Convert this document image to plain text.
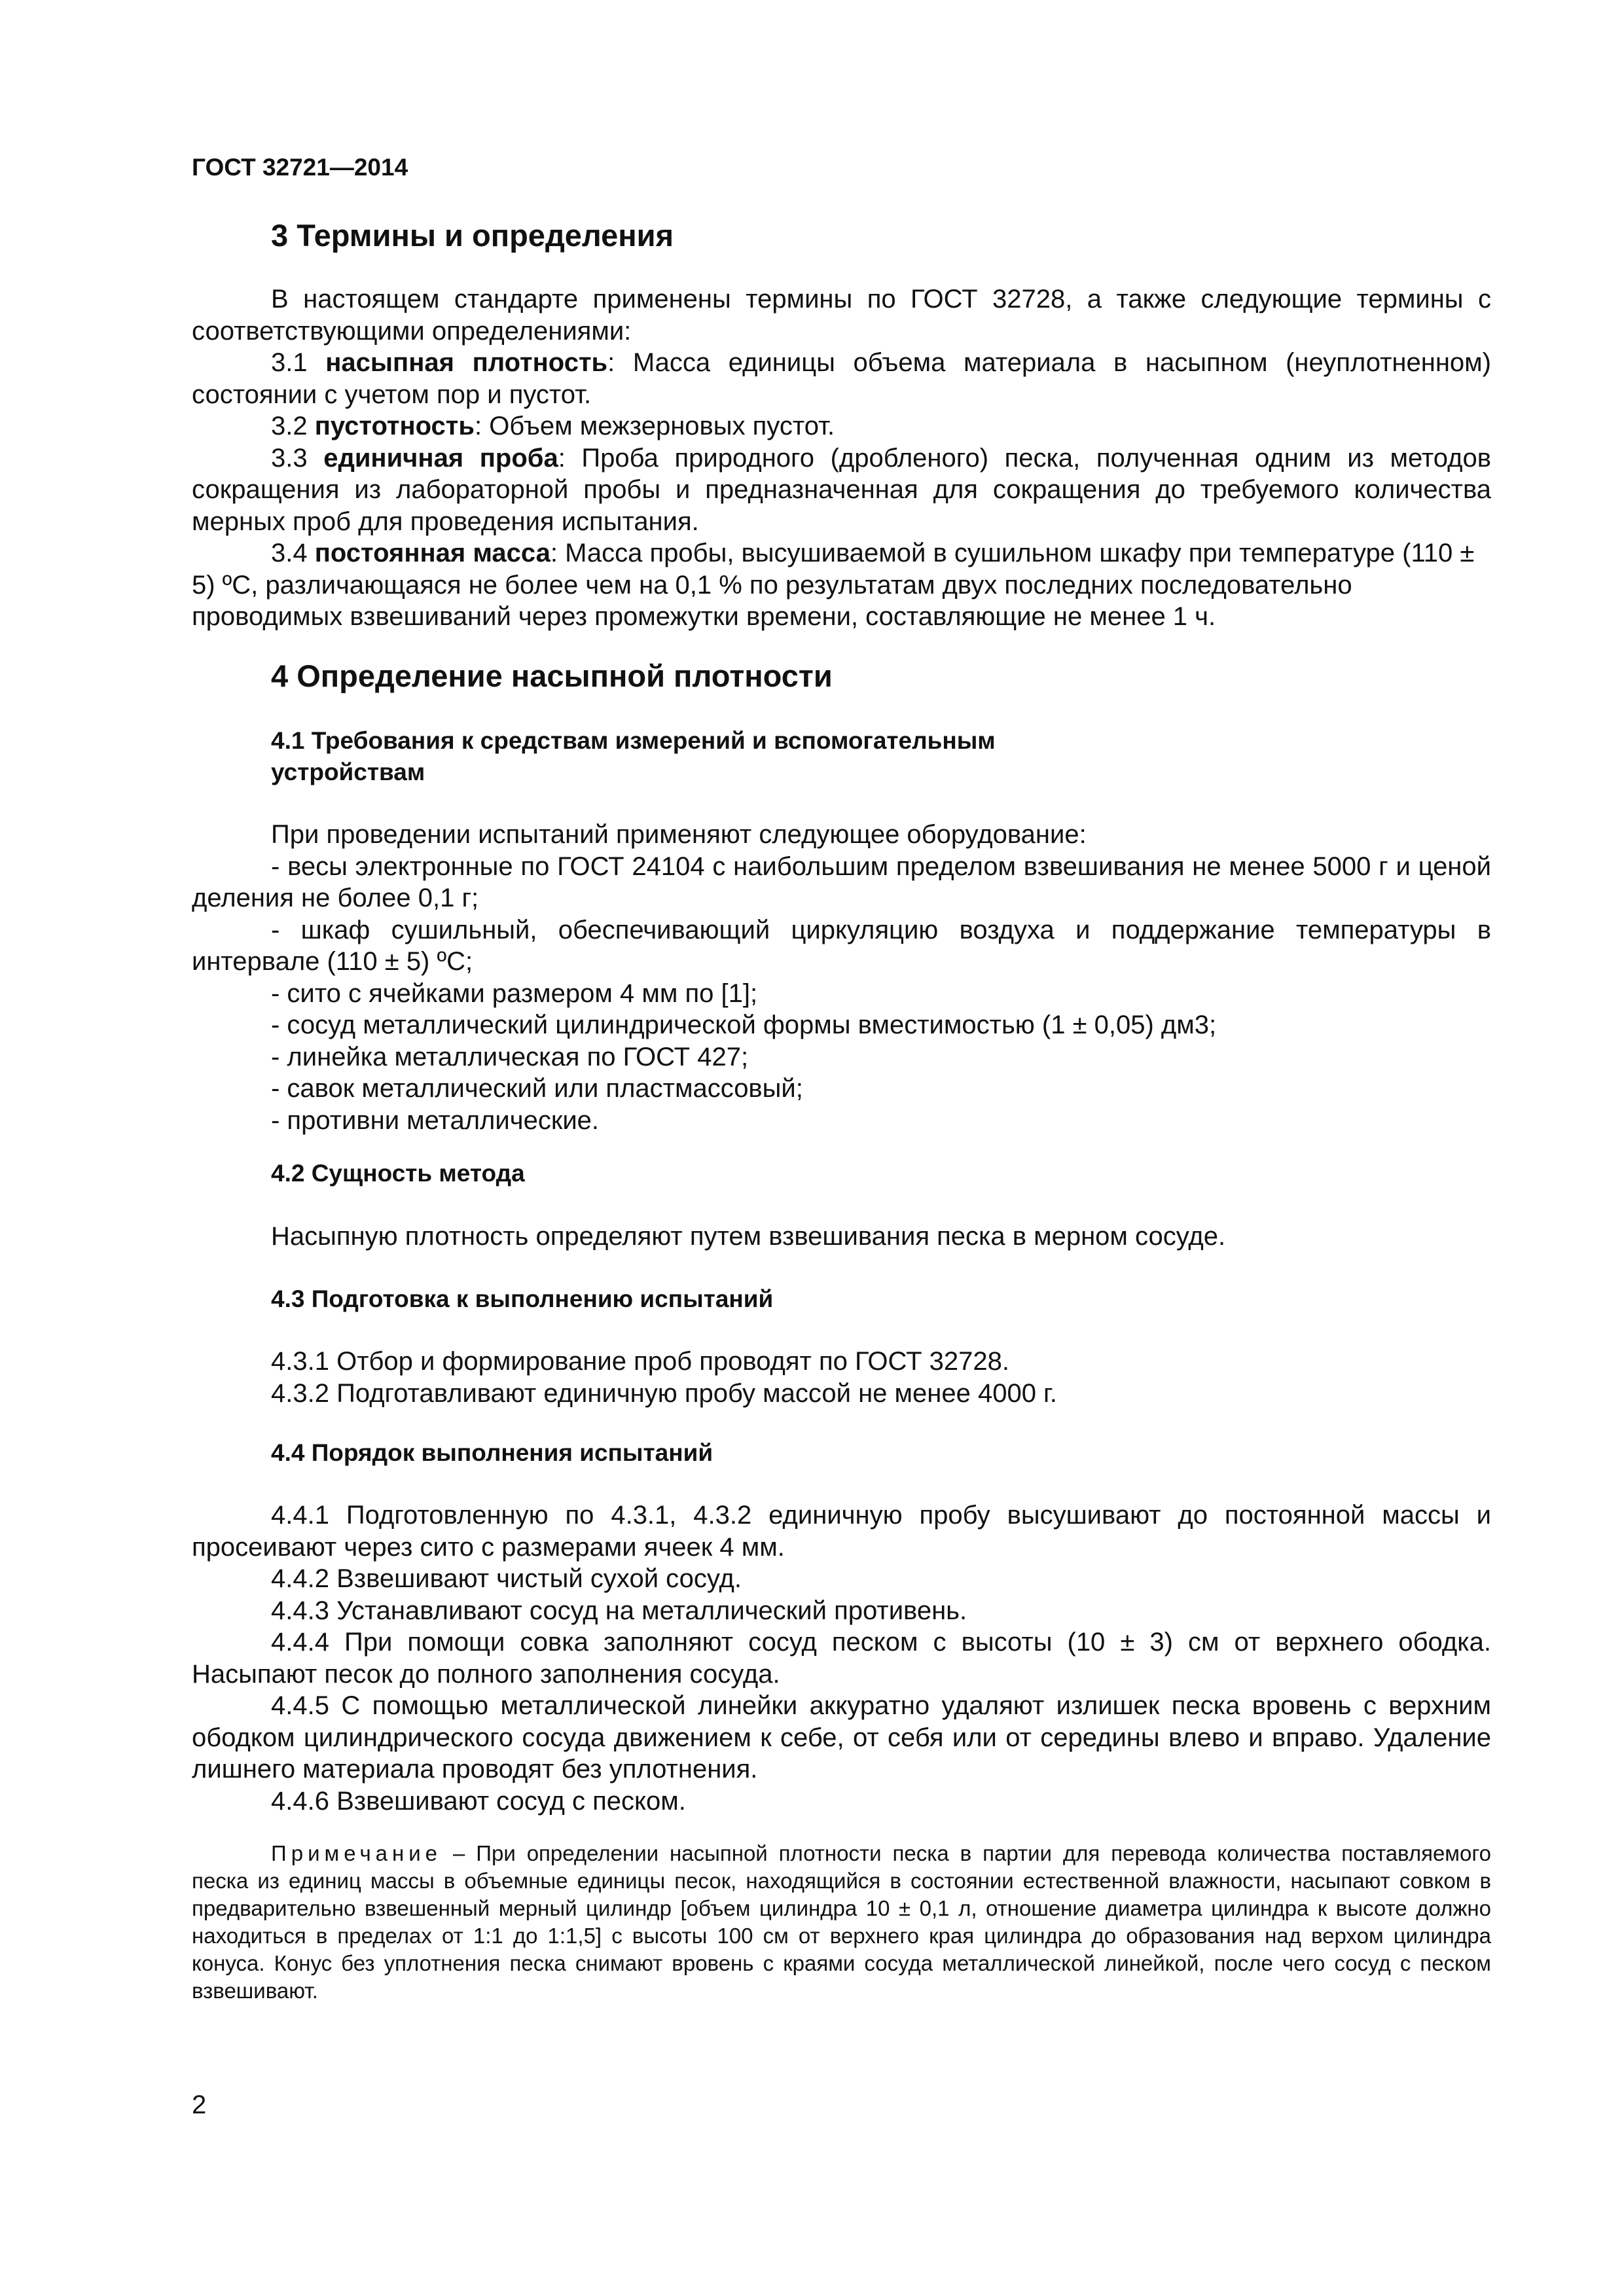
ГОСТ 32721—2014
3 Термины и определения

В настоящем стандарте применены термины по ГОСТ 32728, а также следующие термины с соответствующими определениями:

3.1 насыпная плотность: Масса единицы объема материала в насыпном (неуплотненном) состоянии с учетом пор и пустот.

3.2 пустотность: Объем межзерновых пустот.

3.3 единичная проба: Проба природного (дробленого) песка, полученная одним из методов сокращения из лабораторной пробы и предназначенная для сокращения до требуемого количества мерных проб для проведения испытания.

3.4 постоянная масса: Масса пробы, высушиваемой в сушильном шкафу при температуре (110 ± 5) ºС, различающаяся не более чем на 0,1 % по результатам двух последних последовательно проводимых взвешиваний через промежутки времени, составляющие не менее 1 ч.

4 Определение насыпной плотности
4.1 Требования к средствам измерений и вспомогательным
устройствам

При проведении испытаний применяют следующее оборудование:

- весы электронные по ГОСТ 24104 с наибольшим пределом взвешивания не менее 5000 г и ценой деления не более 0,1 г;

- шкаф сушильный, обеспечивающий циркуляцию воздуха и поддержание температуры в интервале (110 ± 5) ºС;

- сито с ячейками размером 4 мм по [1];

- сосуд металлический цилиндрической формы вместимостью (1 ± 0,05) дм3;

- линейка металлическая по ГОСТ 427;

- савок металлический или пластмассовый;

- противни металлические.

4.2 Сущность метода

Насыпную плотность определяют путем взвешивания песка в мерном сосуде.

4.3 Подготовка к выполнению испытаний

4.3.1 Отбор и формирование проб проводят по ГОСТ 32728.

4.3.2 Подготавливают единичную пробу массой не менее 4000 г.

4.4 Порядок выполнения испытаний

4.4.1 Подготовленную по 4.3.1, 4.3.2 единичную пробу высушивают до постоянной массы и просеивают через сито с размерами ячеек 4 мм.

4.4.2 Взвешивают чистый сухой сосуд.

4.4.3 Устанавливают сосуд на металлический противень.

4.4.4 При помощи совка заполняют сосуд песком с высоты (10 ± 3) см от верхнего ободка. Насыпают песок до полного заполнения сосуда.

4.4.5 С помощью металлической линейки аккуратно удаляют излишек песка вровень с верхним ободком цилиндрического сосуда движением к себе, от себя или от середины влево и вправо. Удаление лишнего материала проводят без уплотнения.

4.4.6 Взвешивают сосуд с песком.

Примечание – При определении насыпной плотности песка в партии для перевода количества поставляемого песка из единиц массы в объемные единицы песок, находящийся в состоянии естественной влажности, насыпают совком в предварительно взвешенный мерный цилиндр [объем цилиндра 10 ± 0,1 л, отношение диаметра цилиндра к высоте должно находиться в пределах от 1:1 до 1:1,5] с высоты 100 см от верхнего края цилиндра до образования над верхом цилиндра конуса. Конус без уплотнения песка снимают вровень с краями сосуда металлической линейкой, после чего сосуд с песком взвешивают.
2
